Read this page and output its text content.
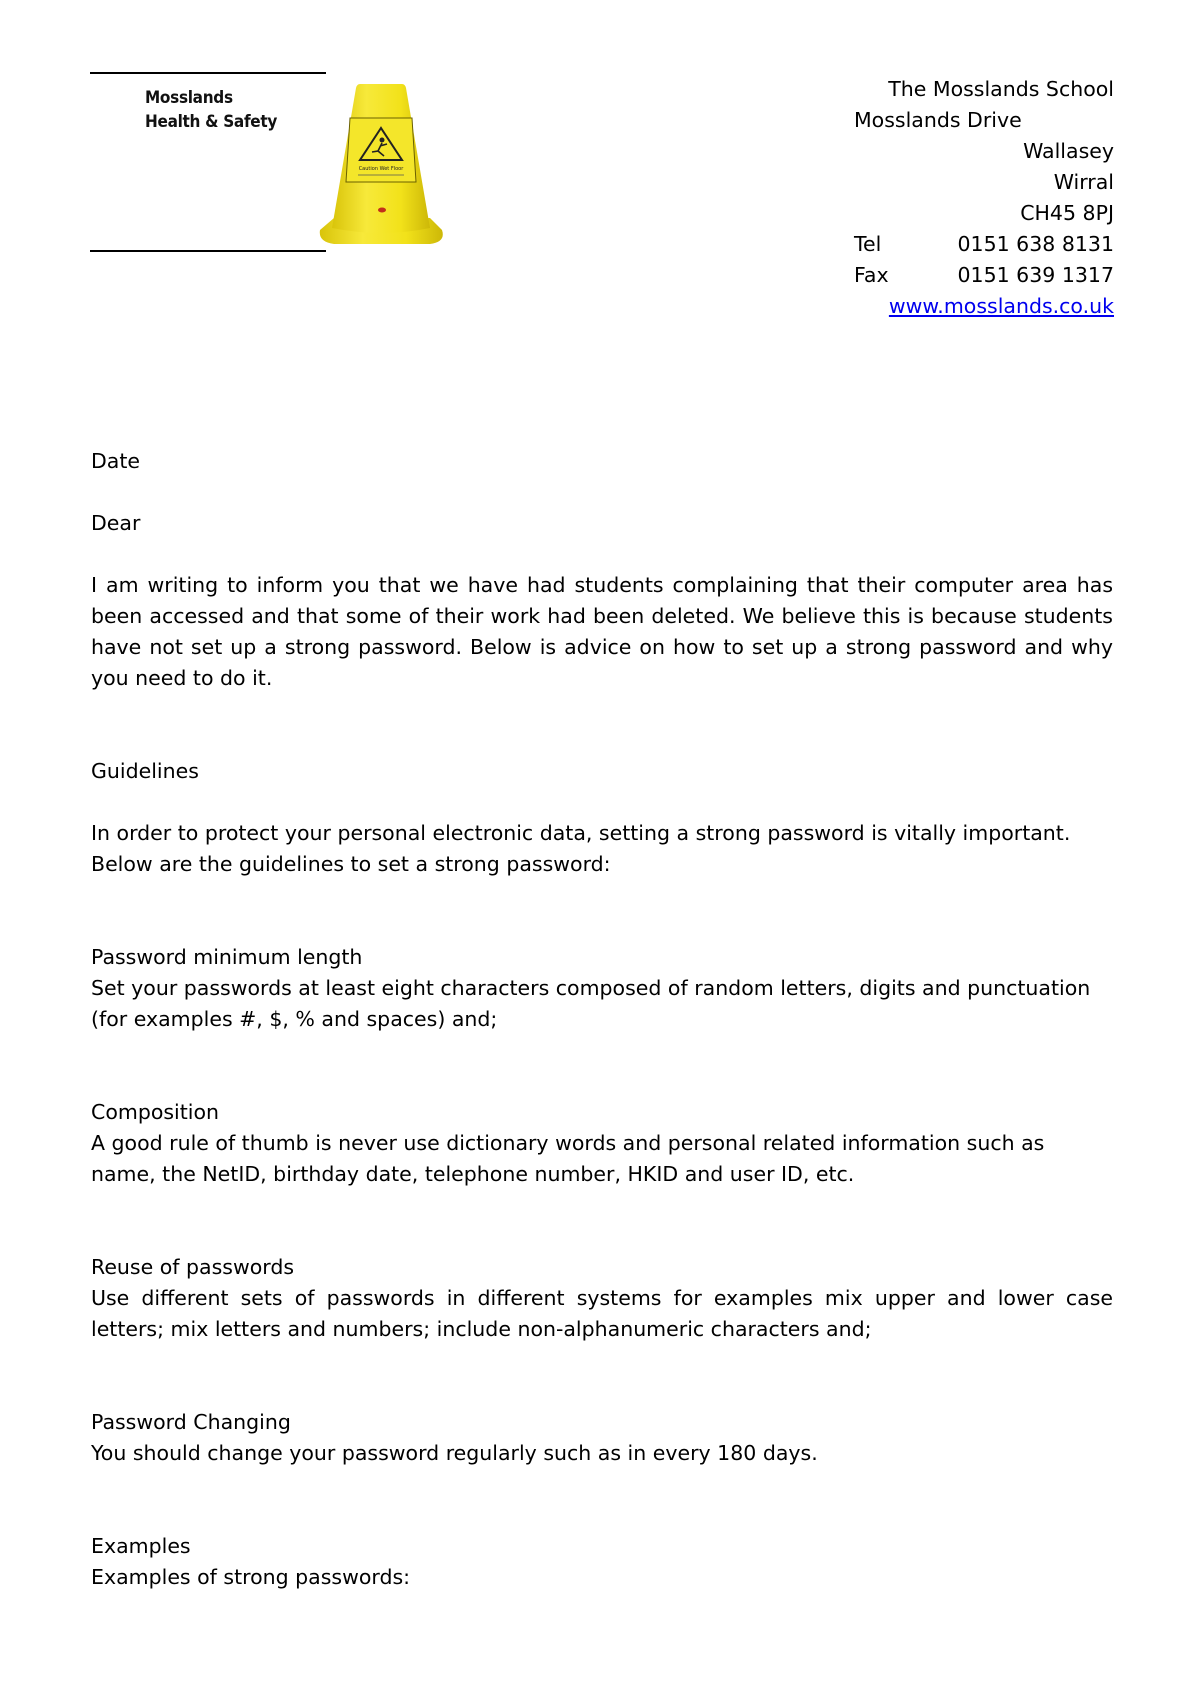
Mosslands
Health & Safety
Caution Wet Floor
The Mosslands School
Mosslands Drive
Wallasey
Wirral
CH45 8PJ
Tel	0151 638 8131
Fax	0151 639 1317
www.mosslands.co.uk

Date

Dear

I am writing to inform you that we have had students complaining that their computer area has been accessed and that some of their work had been deleted. We believe this is because students have not set up a strong password. Below is advice on how to set up a strong password and why you need to do it.

Guidelines

In order to protect your personal electronic data, setting a strong password is vitally important. Below are the guidelines to set a strong password:

Password minimum length

Set your passwords at least eight characters composed of random letters, digits and punctuation (for examples #, $, % and spaces) and;

Composition

A good rule of thumb is never use dictionary words and personal related information such as name, the NetID, birthday date, telephone number, HKID and user ID, etc.

Reuse of passwords

Use different sets of passwords in different systems for examples mix upper and lower case letters; mix letters and numbers; include non-alphanumeric characters and;

Password Changing

You should change your password regularly such as in every 180 days.

Examples

Examples of strong passwords:
